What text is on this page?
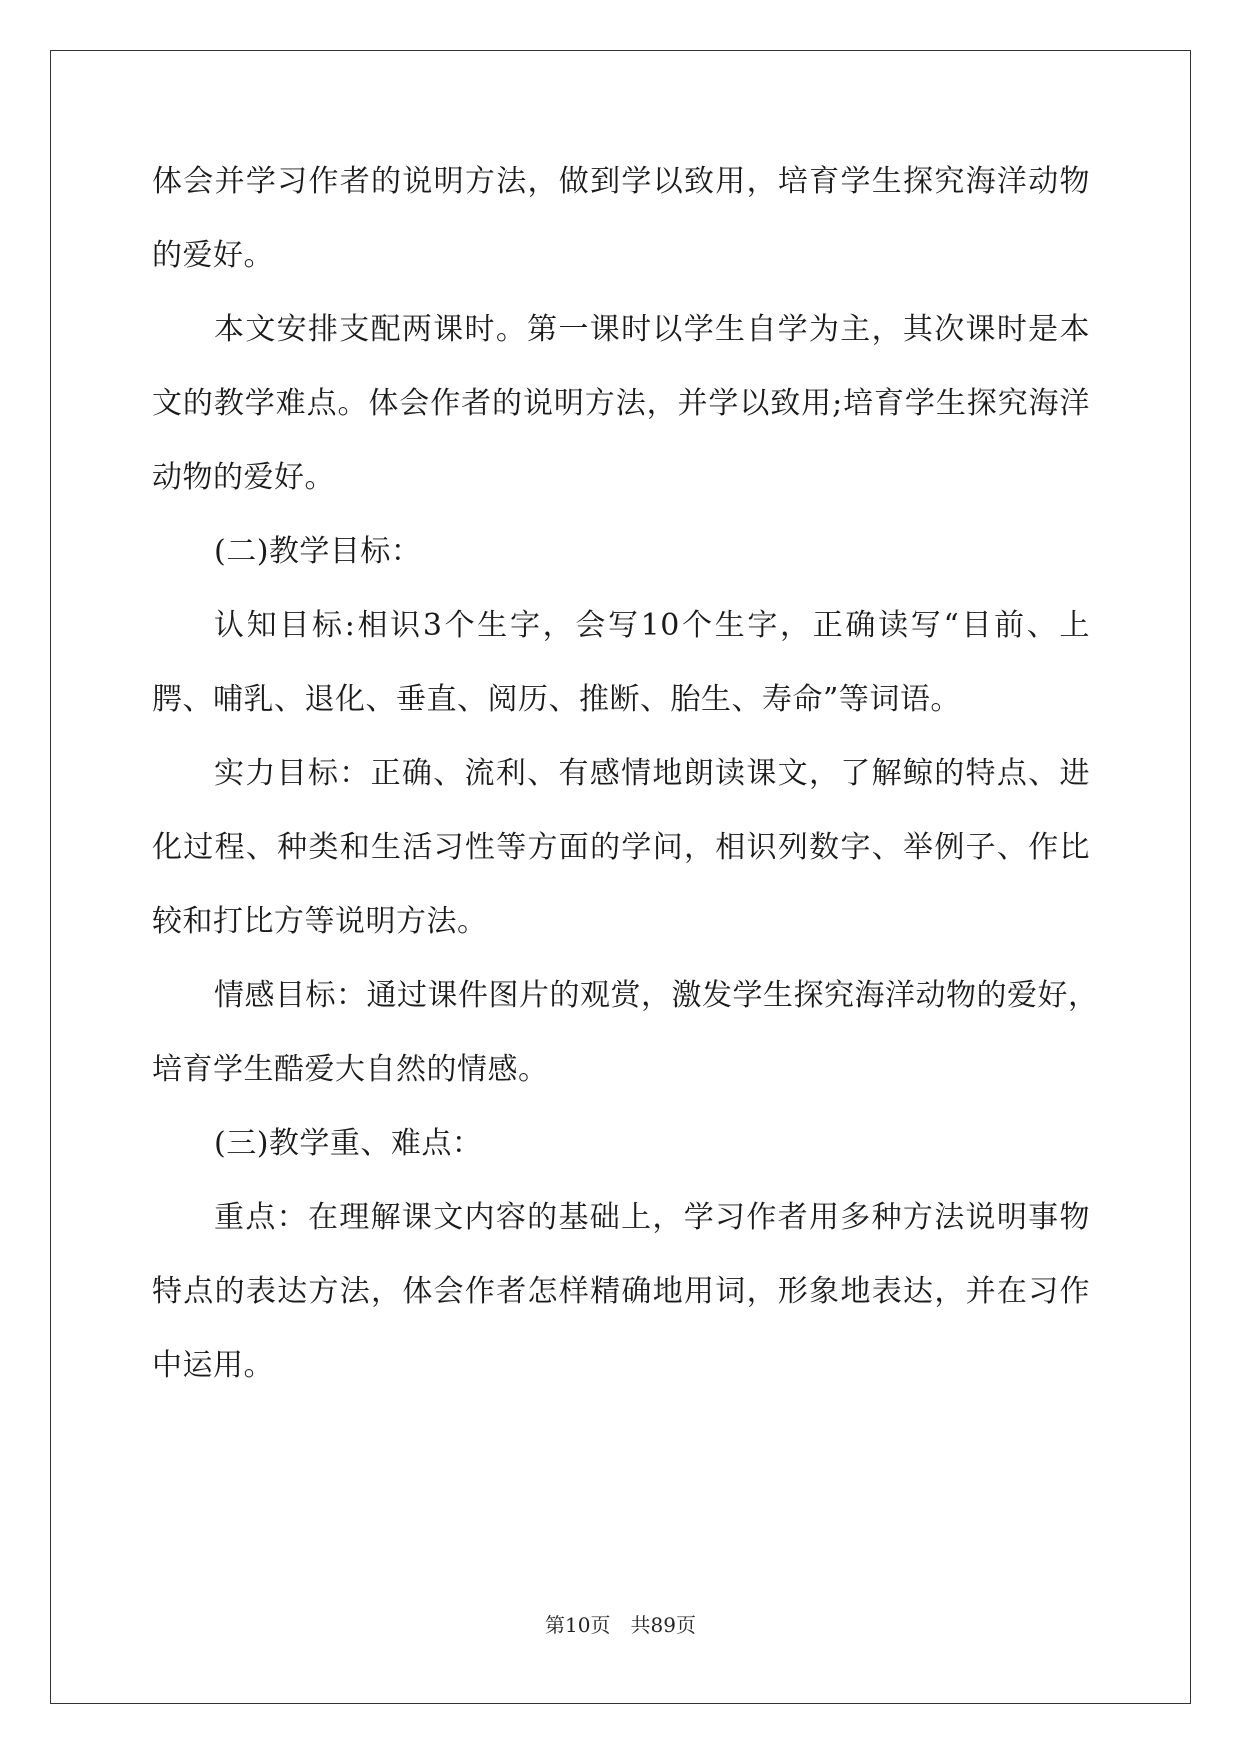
体会并学习作者的说明方法，做到学以致用，培育学生探究海洋动物
的爱好。
本文安排支配两课时。第一课时以学生自学为主，其次课时是本
文的教学难点。体会作者的说明方法，并学以致用;培育学生探究海洋
动物的爱好。
(二)教学目标：
认知目标:相识3个生字，会写10个生字，正确读写“目前、上
腭、哺乳、退化、垂直、阅历、推断、胎生、寿命”等词语。
实力目标：正确、流利、有感情地朗读课文，了解鲸的特点、进
化过程、种类和生活习性等方面的学问，相识列数字、举例子、作比
较和打比方等说明方法。
情感目标：通过课件图片的观赏，激发学生探究海洋动物的爱好，
培育学生酷爱大自然的情感。
(三)教学重、难点：
重点：在理解课文内容的基础上，学习作者用多种方法说明事物
特点的表达方法，体会作者怎样精确地用词，形象地表达，并在习作
中运用。
第10页　共89页
